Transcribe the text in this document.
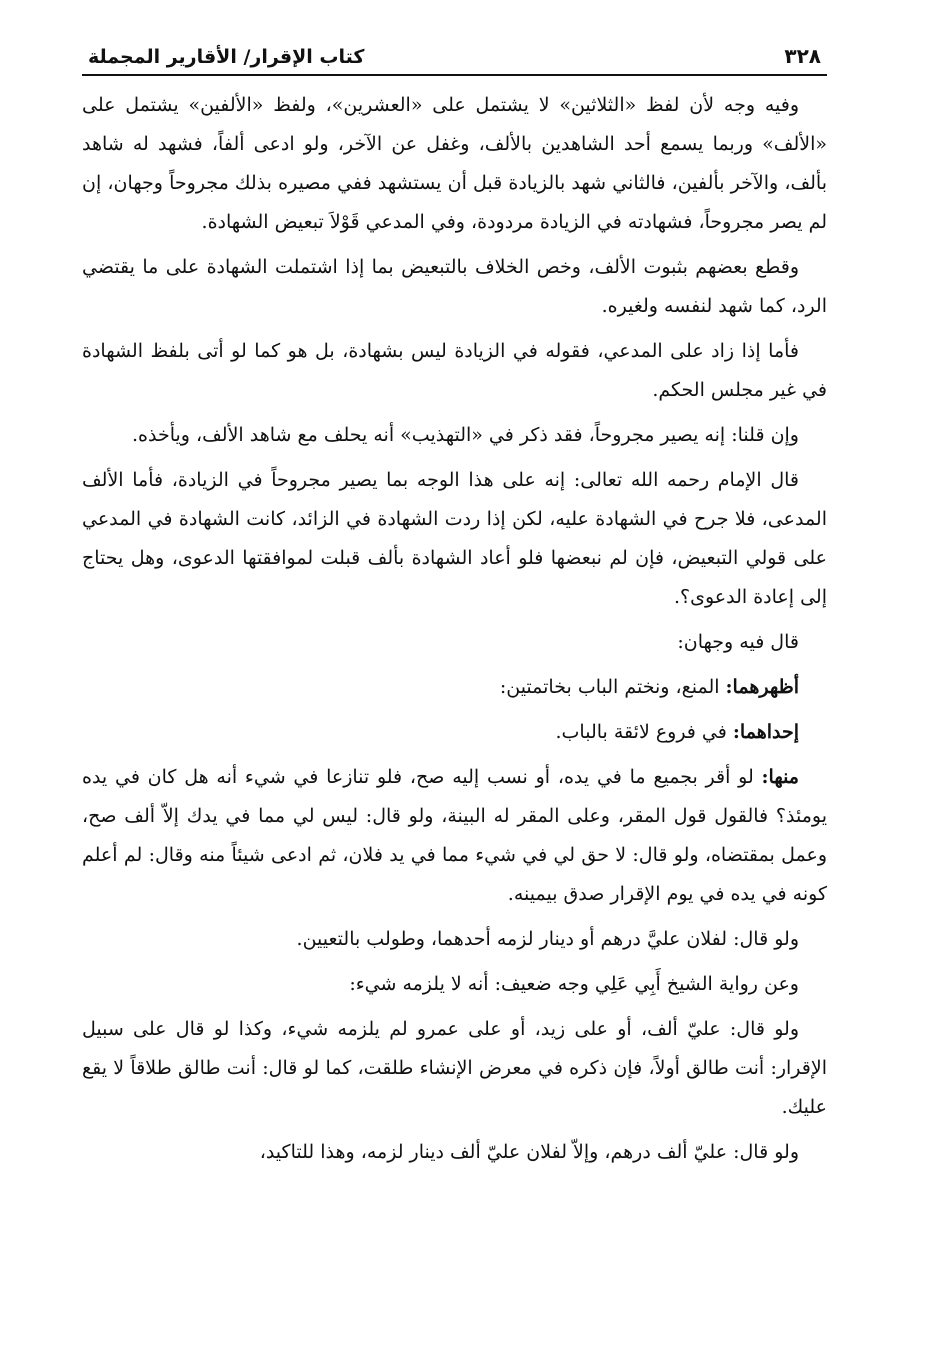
٣٢٨
كتاب الإقرار/ الأقارير المجملة

وفيه وجه لأن لفظ «الثلاثين» لا يشتمل على «العشرين»، ولفظ «الألفين» يشتمل على «الألف» وربما يسمع أحد الشاهدين بالألف، وغفل عن الآخر، ولو ادعى ألفاً، فشهد له شاهد بألف، والآخر بألفين، فالثاني شهد بالزيادة قبل أن يستشهد ففي مصيره بذلك مجروحاً وجهان، إن لم يصر مجروحاً، فشهادته في الزيادة مردودة، وفي المدعي قَوْلاَ تبعيض الشهادة.

وقطع بعضهم بثبوت الألف، وخص الخلاف بالتبعيض بما إذا اشتملت الشهادة على ما يقتضي الرد، كما شهد لنفسه ولغيره.

فأما إذا زاد على المدعي، فقوله في الزيادة ليس بشهادة، بل هو كما لو أتى بلفظ الشهادة في غير مجلس الحكم.

وإن قلنا: إنه يصير مجروحاً، فقد ذكر في «التهذيب» أنه يحلف مع شاهد الألف، ويأخذه.

قال الإمام رحمه الله تعالى: إنه على هذا الوجه بما يصير مجروحاً في الزيادة، فأما الألف المدعى، فلا جرح في الشهادة عليه، لكن إذا ردت الشهادة في الزائد، كانت الشهادة في المدعي على قولي التبعيض، فإن لم نبعضها فلو أعاد الشهادة بألف قبلت لموافقتها الدعوى، وهل يحتاج إلى إعادة الدعوى؟.

قال فيه وجهان:

أظهرهما: المنع، ونختم الباب بخاتمتين:

إحداهما: في فروع لائقة بالباب.

منها: لو أقر بجميع ما في يده، أو نسب إليه صح، فلو تنازعا في شيء أنه هل كان في يده يومئذ؟ فالقول قول المقر، وعلى المقر له البينة، ولو قال: ليس لي مما في يدك إلاّ ألف صح، وعمل بمقتضاه، ولو قال: لا حق لي في شيء مما في يد فلان، ثم ادعى شيئاً منه وقال: لم أعلم كونه في يده في يوم الإقرار صدق بيمينه.

ولو قال: لفلان عليَّ درهم أو دينار لزمه أحدهما، وطولب بالتعيين.

وعن رواية الشيخ أَبِي عَلِي وجه ضعيف: أنه لا يلزمه شيء:

ولو قال: عليّ ألف، أو على زيد، أو على عمرو لم يلزمه شيء، وكذا لو قال على سبيل الإقرار: أنت طالق أولاً، فإن ذكره في معرض الإنشاء طلقت، كما لو قال: أنت طالق طلاقاً لا يقع عليك.

ولو قال: عليّ ألف درهم، وإلاّ لفلان عليّ ألف دينار لزمه، وهذا للتاكيد،
